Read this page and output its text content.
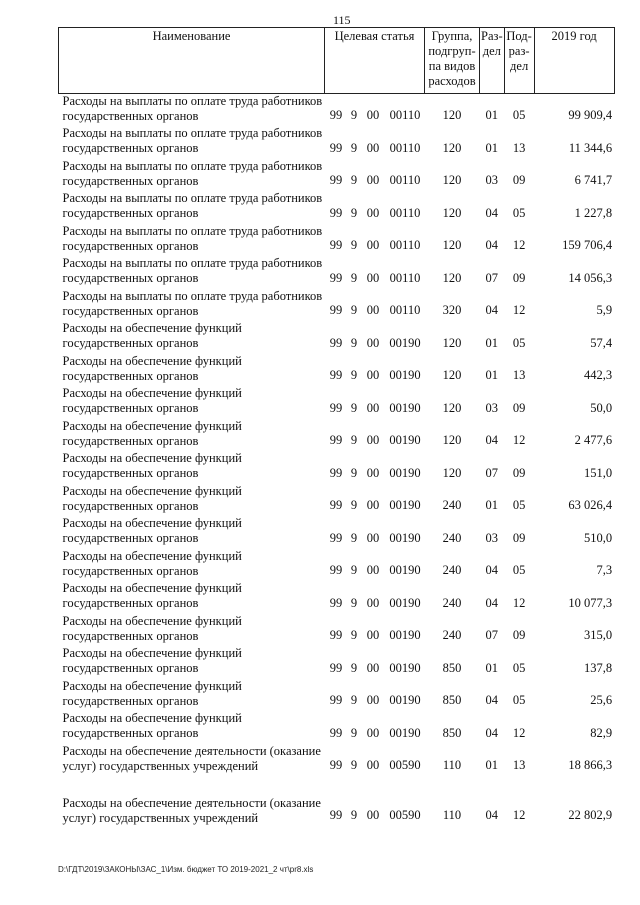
115
Наименование	Целевая статья				Группа, подгруп-па видов расходов	Раз-дел	Под-раз-дел	2019 год
Расходы на выплаты по оплате труда работников государственных органов	99	9	00	00110	120	01	05	99 909,4
Расходы на выплаты по оплате труда работников государственных органов	99	9	00	00110	120	01	13	11 344,6
Расходы на выплаты по оплате труда работников государственных органов	99	9	00	00110	120	03	09	6 741,7
Расходы на выплаты по оплате труда работников государственных органов	99	9	00	00110	120	04	05	1 227,8
Расходы на выплаты по оплате труда работников государственных органов	99	9	00	00110	120	04	12	159 706,4
Расходы на выплаты по оплате труда работников государственных органов	99	9	00	00110	120	07	09	14 056,3
Расходы на выплаты по оплате труда работников государственных органов	99	9	00	00110	320	04	12	5,9
Расходы на обеспечение функций государственных органов	99	9	00	00190	120	01	05	57,4
Расходы на обеспечение функций государственных органов	99	9	00	00190	120	01	13	442,3
Расходы на обеспечение функций государственных органов	99	9	00	00190	120	03	09	50,0
Расходы на обеспечение функций государственных органов	99	9	00	00190	120	04	12	2 477,6
Расходы на обеспечение функций государственных органов	99	9	00	00190	120	07	09	151,0
Расходы на обеспечение функций государственных органов	99	9	00	00190	240	01	05	63 026,4
Расходы на обеспечение функций государственных органов	99	9	00	00190	240	03	09	510,0
Расходы на обеспечение функций государственных органов	99	9	00	00190	240	04	05	7,3
Расходы на обеспечение функций государственных органов	99	9	00	00190	240	04	12	10 077,3
Расходы на обеспечение функций государственных органов	99	9	00	00190	240	07	09	315,0
Расходы на обеспечение функций государственных органов	99	9	00	00190	850	01	05	137,8
Расходы на обеспечение функций государственных органов	99	9	00	00190	850	04	05	25,6
Расходы на обеспечение функций государственных органов	99	9	00	00190	850	04	12	82,9
Расходы на обеспечение деятельности (оказание услуг) государственных учреждений	99	9	00	00590	110	01	13	18 866,3
Расходы на обеспечение деятельности (оказание услуг) государственных учреждений	99	9	00	00590	110	04	12	22 802,9
D:\ГДТ\2019\ЗАКОНЫ\ЗАС_1\Изм. бюджет ТО 2019-2021_2 чт\pr8.xls
